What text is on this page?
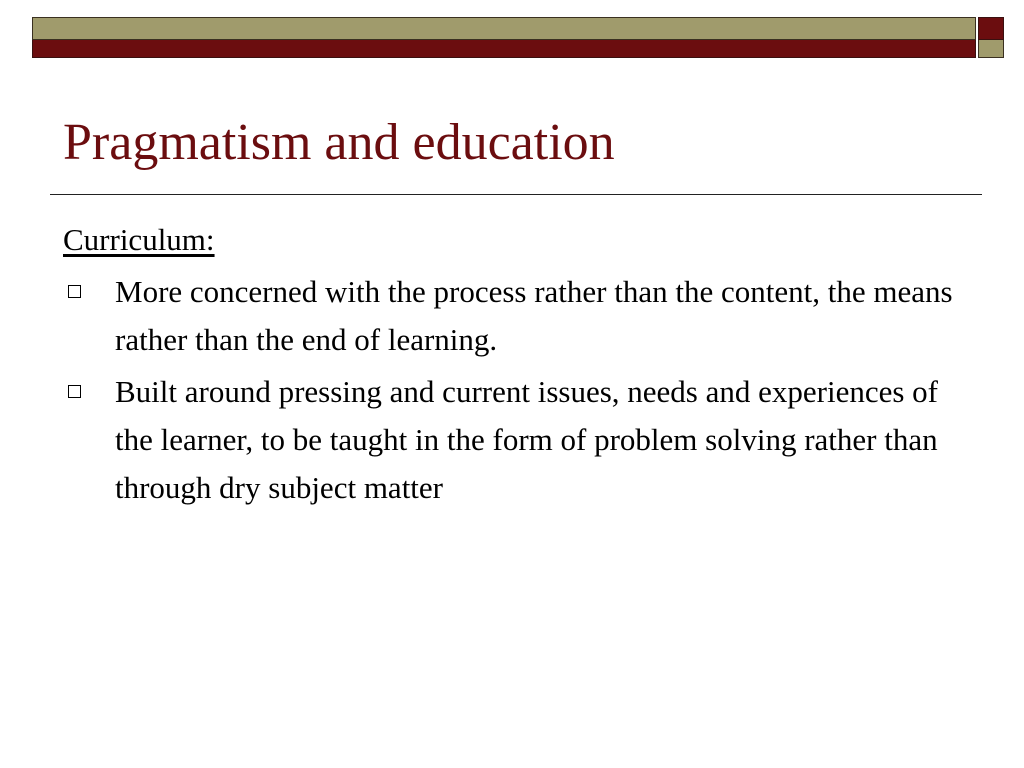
Pragmatism and education
Curriculum:
More concerned with the process rather than the content, the means rather than the end of learning.
Built around pressing and current issues, needs and experiences of the learner, to be taught in the form of problem solving rather than through dry subject matter
